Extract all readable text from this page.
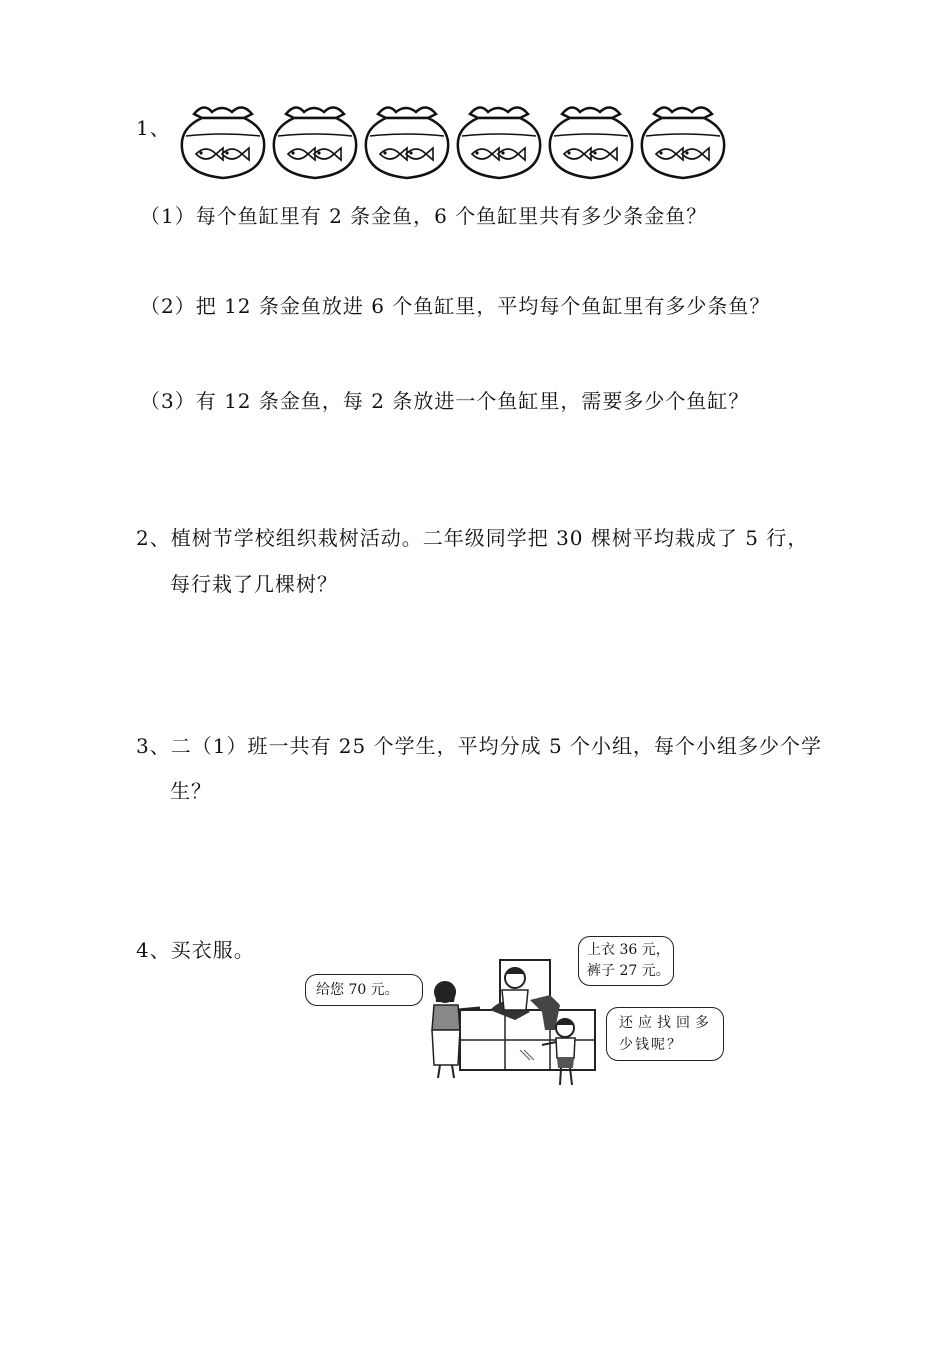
1、
（1）每个鱼缸里有 2 条金鱼，6 个鱼缸里共有多少条金鱼？
（2）把 12 条金鱼放进 6 个鱼缸里，平均每个鱼缸里有多少条鱼？
（3）有 12 条金鱼，每 2 条放进一个鱼缸里，需要多少个鱼缸？
2、植树节学校组织栽树活动。二年级同学把 30 棵树平均栽成了 5 行，
每行栽了几棵树？
3、二（1）班一共有 25 个学生，平均分成 5 个小组，每个小组多少个学
生？
4、买衣服。
给您 70 元。
上衣 36 元，
裤子 27 元。
还应找回多
少钱呢？
